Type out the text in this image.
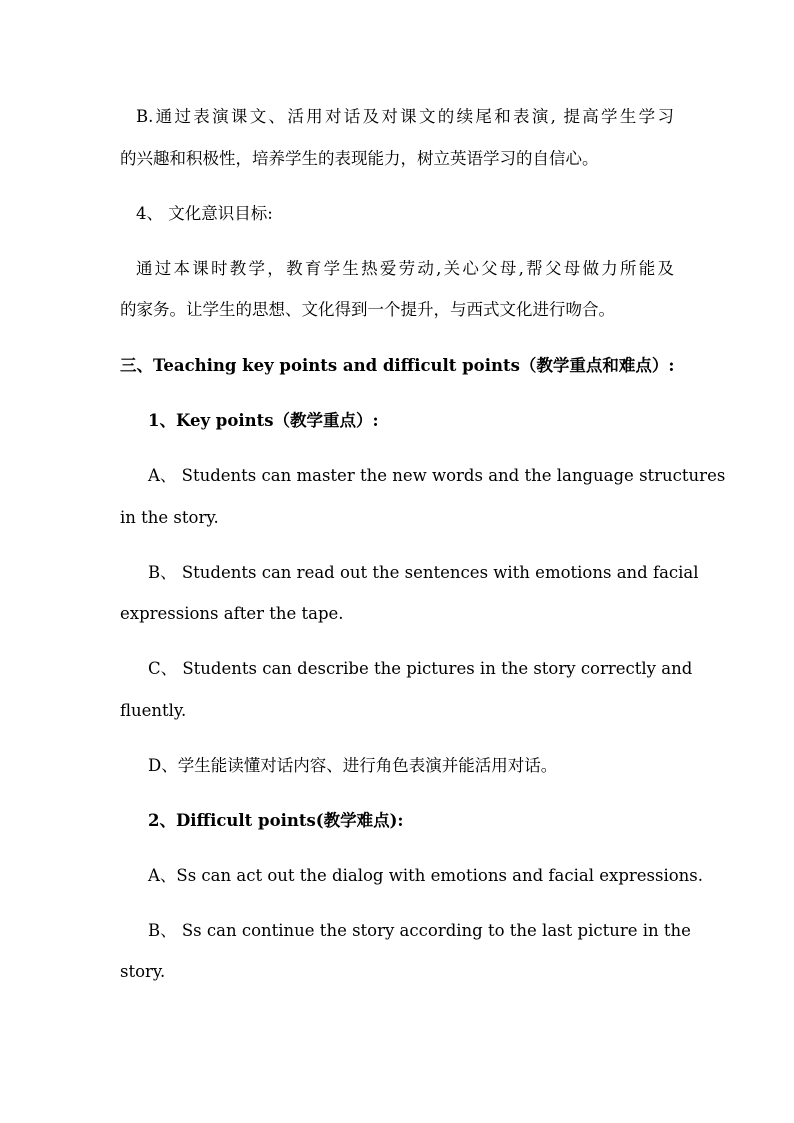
B.通过表演课文、活用对话及对课文的续尾和表演, 提高学生学习
的兴趣和积极性，培养学生的表现能力，树立英语学习的自信心。
4、 文化意识目标:
通过本课时教学，教育学生热爱劳动,关心父母,帮父母做力所能及
的家务。让学生的思想、文化得到一个提升，与西式文化进行吻合。
三、Teaching key points and difficult points（教学重点和难点）:
1、Key points（教学重点）:
A、 Students can master the new words and the language structures
in the story.
B、 Students can read out the sentences with emotions and facial
expressions after the tape.
C、 Students can describe the pictures in the story correctly and
fluently.
D、学生能读懂对话内容、进行角色表演并能活用对话。
2、Difficult points(教学难点):
A、Ss can act out the dialog with emotions and facial expressions.
B、 Ss can continue the story according to the last picture in the
story.
